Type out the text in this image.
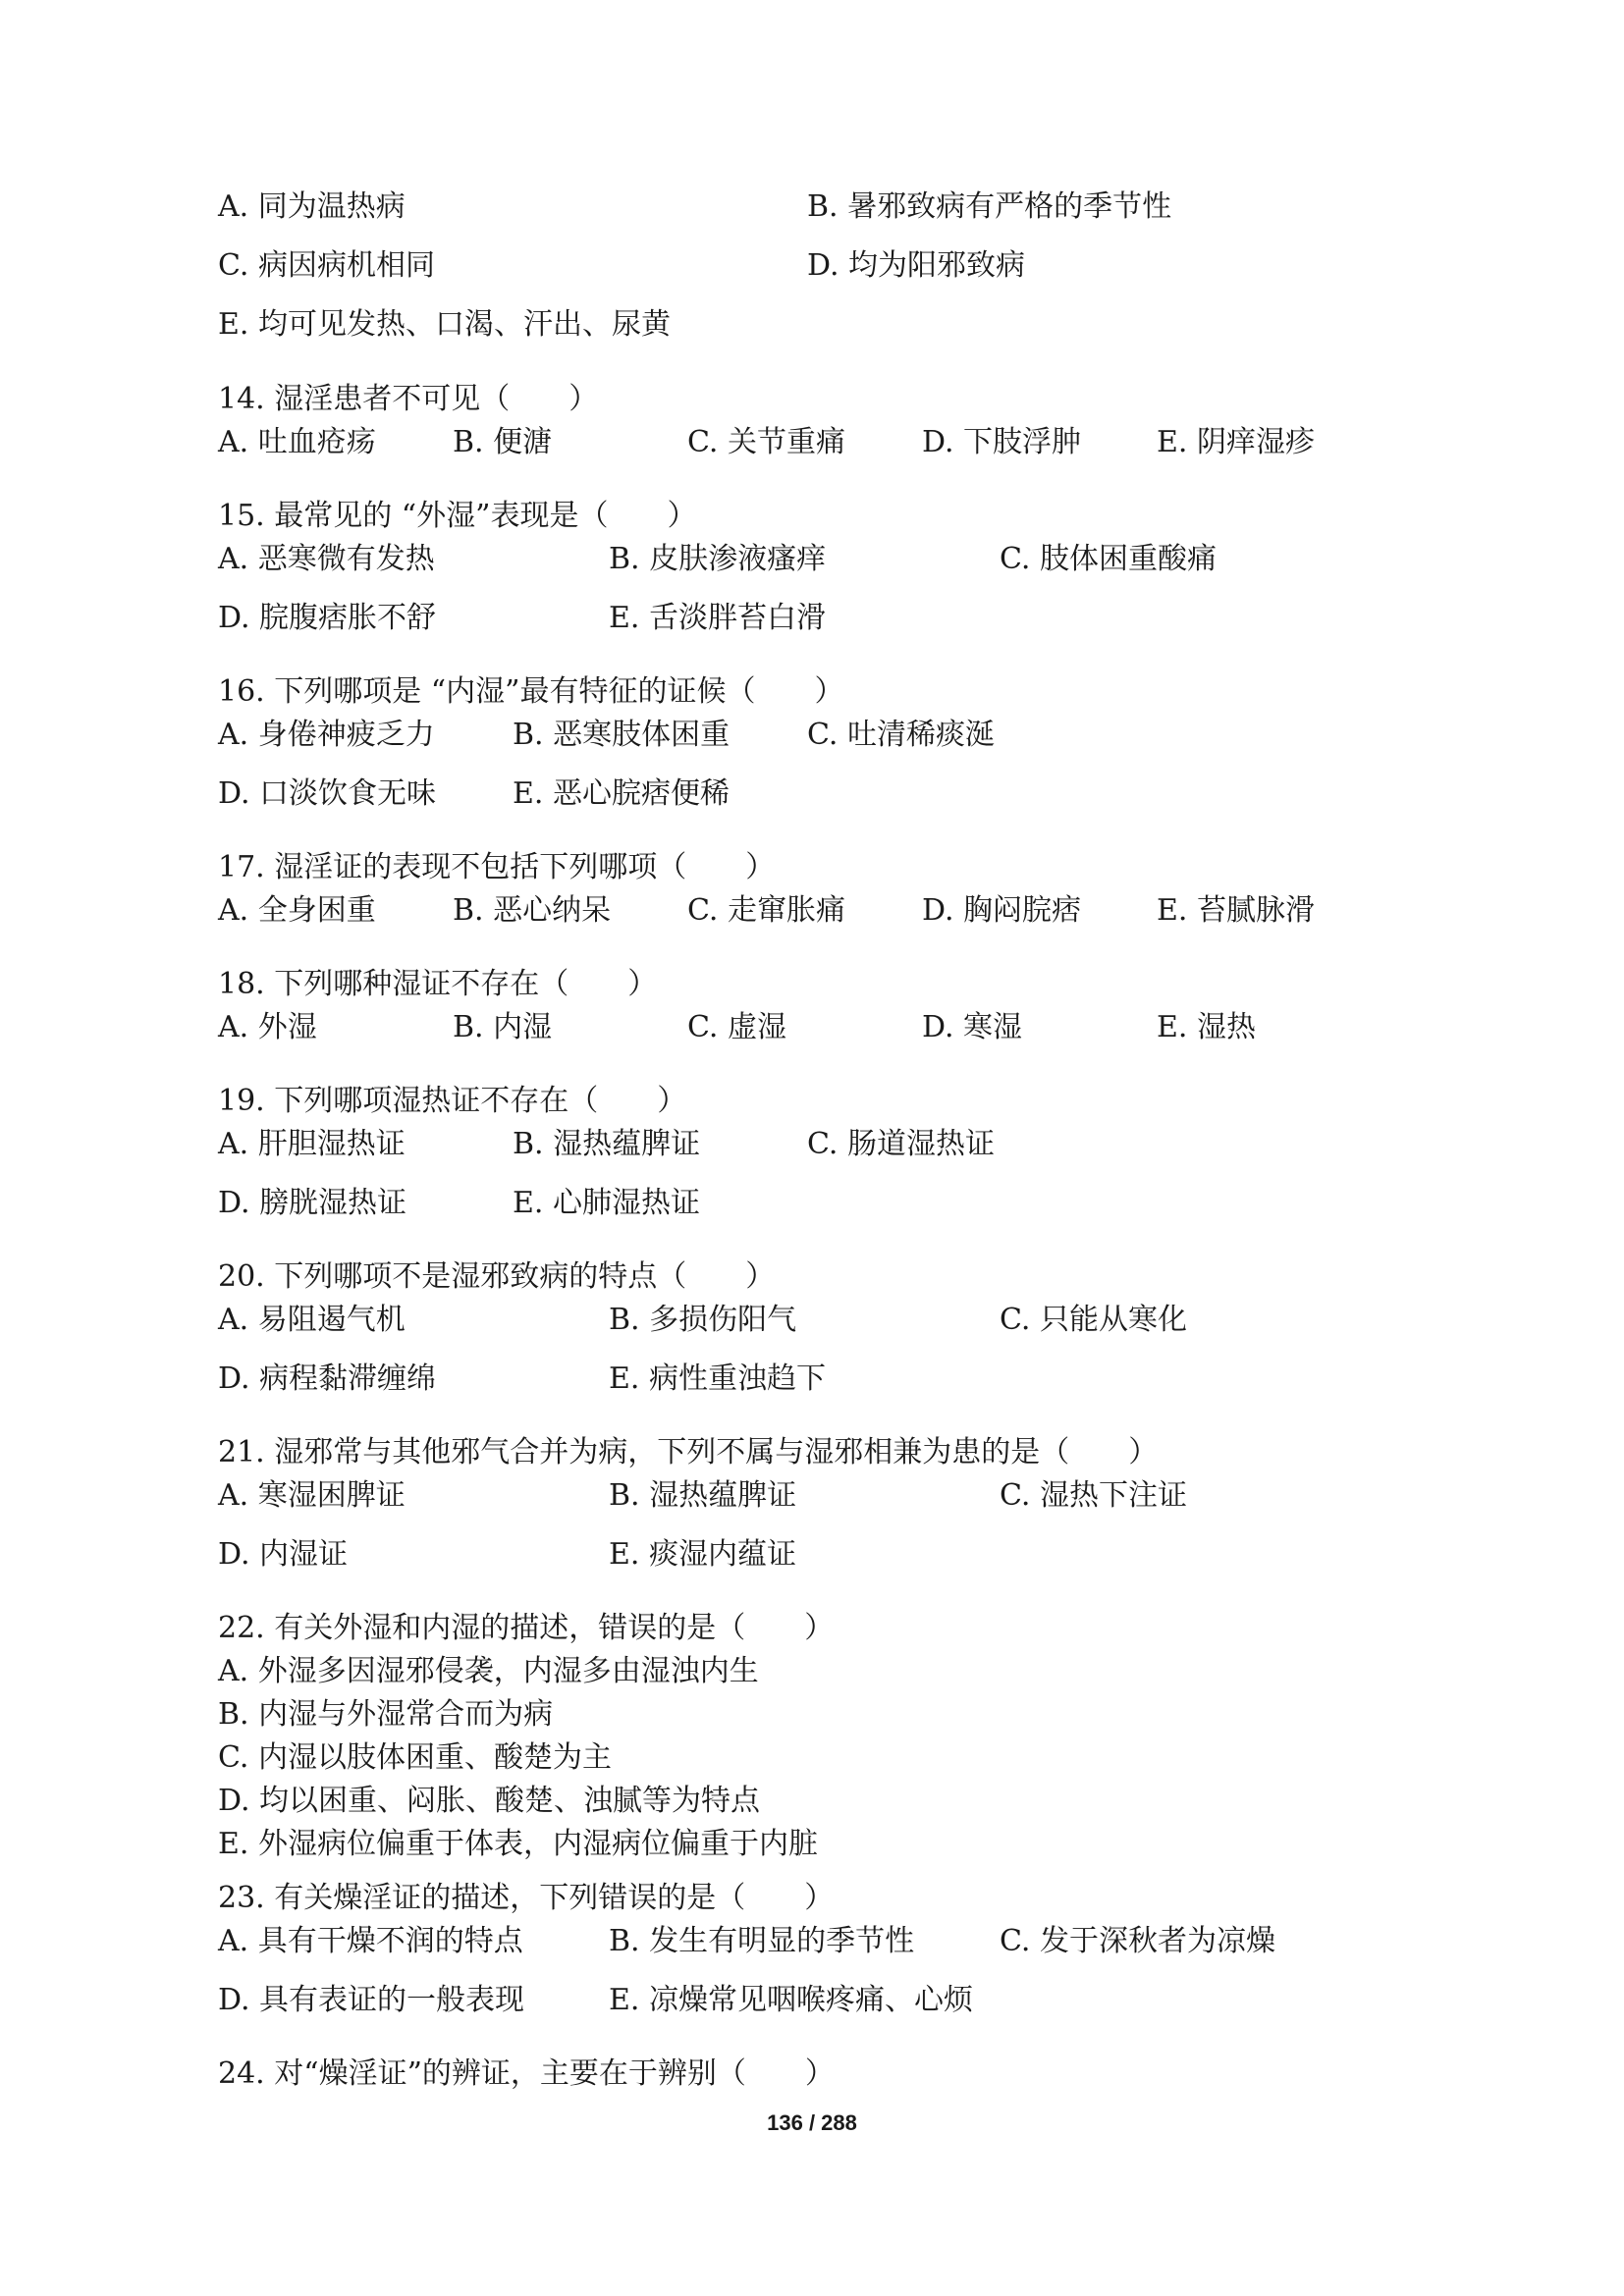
A. 同为温热病	B. 暑邪致病有严格的季节性
C. 病因病机相同	D. 均为阳邪致病
E. 均可见发热、口渴、汗出、尿黄
14. 湿淫患者不可见（　　）
A. 吐血疮疡	B. 便溏	C. 关节重痛	D. 下肢浮肿	E. 阴痒湿疹
15. 最常见的 “外湿”表现是（　　）
A. 恶寒微有发热	B. 皮肤渗液瘙痒	C. 肢体困重酸痛
D. 脘腹痞胀不舒	E. 舌淡胖苔白滑
16. 下列哪项是 “内湿”最有特征的证候（　　）
A. 身倦神疲乏力	B. 恶寒肢体困重	C. 吐清稀痰涎
D. 口淡饮食无味	E. 恶心脘痞便稀
17. 湿淫证的表现不包括下列哪项（　　）
A. 全身困重	B. 恶心纳呆	C. 走窜胀痛	D. 胸闷脘痞	E. 苔腻脉滑
18. 下列哪种湿证不存在（　　）
A. 外湿	B. 内湿	C. 虚湿	D. 寒湿	E. 湿热
19. 下列哪项湿热证不存在（　　）
A. 肝胆湿热证	B. 湿热蕴脾证	C. 肠道湿热证
D. 膀胱湿热证	E. 心肺湿热证
20. 下列哪项不是湿邪致病的特点（　　）
A. 易阻遏气机	B. 多损伤阳气	C. 只能从寒化
D. 病程黏滞缠绵	E. 病性重浊趋下
21. 湿邪常与其他邪气合并为病，下列不属与湿邪相兼为患的是（　　）
A. 寒湿困脾证	B. 湿热蕴脾证	C. 湿热下注证
D. 内湿证	E. 痰湿内蕴证
22. 有关外湿和内湿的描述，错误的是（　　）
A. 外湿多因湿邪侵袭，内湿多由湿浊内生
B. 内湿与外湿常合而为病
C. 内湿以肢体困重、酸楚为主
D. 均以困重、闷胀、酸楚、浊腻等为特点
E. 外湿病位偏重于体表，内湿病位偏重于内脏
23. 有关燥淫证的描述，下列错误的是（　　）
A. 具有干燥不润的特点	B. 发生有明显的季节性	C. 发于深秋者为凉燥
D. 具有表证的一般表现	E. 凉燥常见咽喉疼痛、心烦
24. 对“燥淫证”的辨证，主要在于辨别（　　）
136 / 288
